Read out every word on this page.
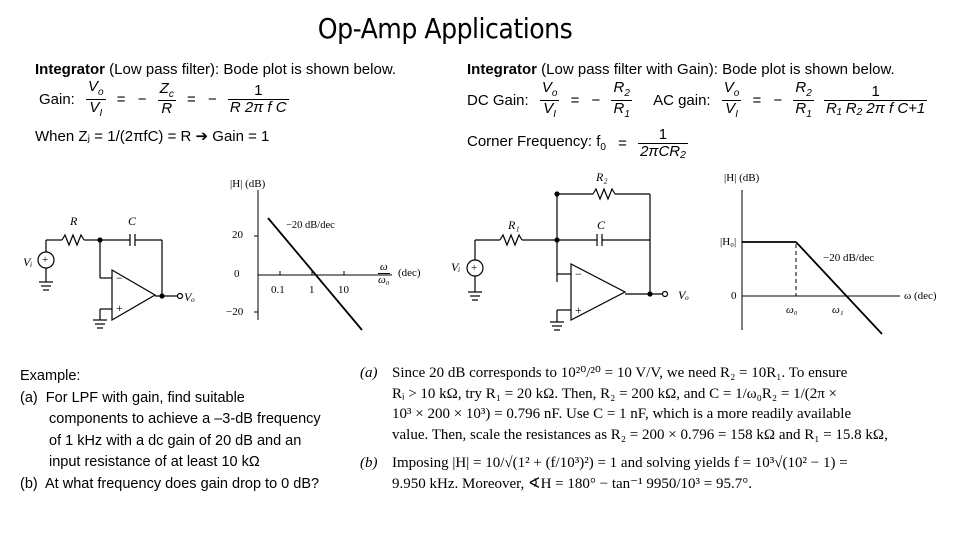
Op-Amp Applications
Integrator (Low pass filter): Bode plot is shown below.
Gain: $\frac{V_o}{V_I}$ = − $\frac{Z_c}{R}$ = − $\frac{1}{\text{R 2π f C}}$
When Zⱼ = 1/(2πfC) = R ➔ Gain = 1
Integrator (Low pass filter with Gain): Bode plot is shown below.
DC Gain: $\frac{V_o}{V_I}$ = − $\frac{R_2}{R_1}$ AC gain: $\frac{V_o}{V_I}$ = − $\frac{R_2}{R_1}$
$\frac{1}{\text{R₁ R₂ 2π f C+1}}$
Corner Frequency: $f_0 = \frac{1}{\text{2πCR₂}}$
+
−
+
R	C
Vᵢ
Vₒ
|H| (dB)
20
0
−20
−20 dB/dec
0.1 1 10
ω
ω₀
(dec)	+	−
+
R₂
R₁	C
Vᵢ
Vₒ
|H| (dB)
|H₀|
0
−20 dB/dec
ω₀	ω₁
ω (dec)
Example:
(a) For LPF with gain, find suitable
components to achieve a –3-dB frequency
of 1 kHz with a dc gain of 20 dB and an
input resistance of at least 10 kΩ
(b) At what frequency does gain drop to 0 dB?
(a) Since 20 dB corresponds to 10²⁰/²⁰ = 10 V/V, we need R₂ = 10R₁. To ensure
Rᵢ > 10 kΩ, try R₁ = 20 kΩ. Then, R₂ = 200 kΩ, and C = 1/ω₀R₂ = 1/(2π ×
10³ × 200 × 10³) = 0.796 nF. Use C = 1 nF, which is a more readily available
value. Then, scale the resistances as R₂ = 200 × 0.796 = 158 kΩ and R₁ = 15.8 kΩ,
(b) Imposing |H| = 10/√(1² + (f/10³)²) = 1 and solving yields f = 10³√(10² − 1) =
9.950 kHz. Moreover, ∢H = 180° − tan⁻¹ 9950/10³ = 95.7°.
